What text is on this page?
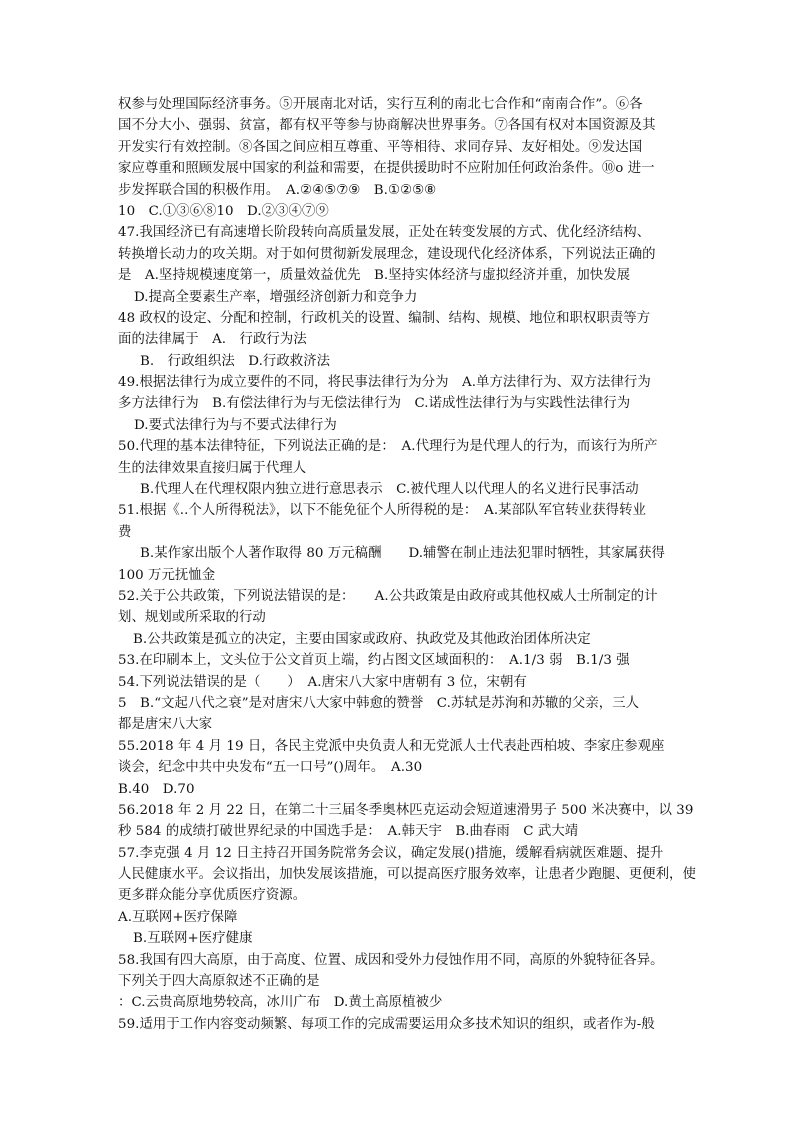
权参与处理国际经济事务。⑤开展南北对话，实行互利的南北七合作和“南南合作”。⑥各
国不分大小、强弱、贫富，都有权平等参与协商解决世界事务。⑦各国有权对本国资源及其
开发实行有效控制。⑧各国之间应相互尊重、平等相待、求同存异、友好相处。⑨发达国
家应尊重和照顾发展中国家的利益和需要，在提供援助时不应附加任何政治条件。⑩o 进一
步发挥联合国的积极作用。　A.②④⑤⑦⑨　B.①②⑤⑧
10　C.①③⑥⑧10　D.②③④⑦⑨
47.我国经济已有高速增长阶段转向高质量发展，正处在转变发展的方式、优化经济结构、
转换增长动力的攻关期。对于如何贯彻新发展理念，建设现代化经济体系，下列说法正确的
是　A.坚持规模速度第一，质量效益优先　B.坚持实体经济与虚拟经济并重，加快发展
D.提高全要素生产率，增强经济创新力和竞争力
48 政权的设定、分配和控制，行政机关的设置、编制、结构、规模、地位和职权职责等方
面的法律属于　A.　行政行为法
B.　行政组织法　D.行政救济法
49.根据法律行为成立要件的不同，将民事法律行为分为　A.单方法律行为、双方法律行为
多方法律行为　B.有偿法律行为与无偿法律行为　C.诺成性法律行为与实践性法律行为
D.要式法律行为与不要式法律行为
50.代理的基本法律特征，下列说法正确的是：　A.代理行为是代理人的行为，而该行为所产
生的法律效果直接归属于代理人
B.代理人在代理权限内独立进行意思表示　C.被代理人以代理人的名义进行民事活动
51.根据《..个人所得税法》，以下不能免征个人所得税的是：　A.某部队军官转业获得转业
费
B.某作家出版个人著作取得 80 万元稿酬　　D.辅警在制止违法犯罪时牺牲，其家属获得
100 万元抚恤金
52.关于公共政策，下列说法错误的是：　　A.公共政策是由政府或其他权威人士所制定的计
划、规划或所采取的行动
B.公共政策是孤立的决定，主要由国家或政府、执政党及其他政治团体所决定
53.在印刷本上，文头位于公文首页上端，约占图文区域面积的：　A.1/3 弱　B.1/3 强
54.下列说法错误的是（　　）　A.唐宋八大家中唐朝有 3 位，宋朝有
5　B.“文起八代之衰”是对唐宋八大家中韩愈的赞誉　C.苏轼是苏洵和苏辙的父亲，三人
都是唐宋八大家
55.2018 年 4 月 19 日，各民主党派中央负责人和无党派人士代表赴西柏坡、李家庄参观座
谈会，纪念中共中央发布“五一口号”()周年。　A.30
B.40　D.70
56.2018 年 2 月 22 日，在第二十三届冬季奥林匹克运动会短道速滑男子 500 米决赛中，以 39
秒 584 的成绩打破世界纪录的中国选手是：　A.韩天宇　B.曲春雨　C 武大靖
57.李克强 4 月 12 日主持召开国务院常务会议，确定发展()措施，缓解看病就医难题、提升
人民健康水平。会议指出，加快发展该措施，可以提高医疗服务效率，让患者少跑腿、更便利，使
更多群众能分享优质医疗资源。
A.互联网+医疗保障
B.互联网+医疗健康
58.我国有四大高原，由于高度、位置、成因和受外力侵蚀作用不同，高原的外貌特征各异。
下列关于四大高原叙述不正确的是
：C.云贵高原地势较高，冰川广布　D.黄土高原植被少
59.适用于工作内容变动频繁、每项工作的完成需要运用众多技术知识的组织，或者作为-般
